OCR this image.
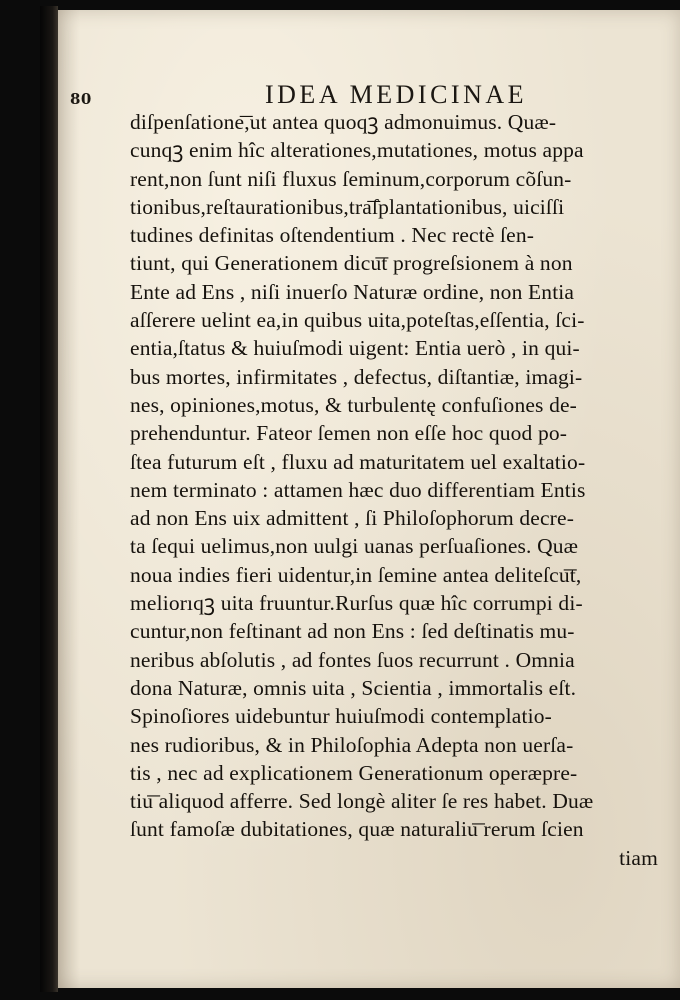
80	IDEA MEDICINAE
diſpenſatione͞,ut antea quoqꝫ admonuimus. Quæ-
cunqꝫ enim hîc alterationes,mutationes, motus appa
rent,non ſunt niſi fluxus ſeminum,corporum cõſun-
tionibus,reſtaurationibus,tra͞ſplantationibus, uiciſſi
tudines definitas oſtendentium . Nec rectè ſen-
tiunt, qui Generationem dicu͞t progreſsionem à non
Ente ad Ens , niſi inuerſo Naturæ ordine, non Entia
aſſerere uelint ea,in quibus uita,poteſtas,eſſentia, ſci-
entia,ſtatus & huiuſmodi uigent: Entia uerò , in qui-
bus mortes, infirmitates , defectus, diſtantiæ, imagi-
nes, opiniones,motus, & turbulentę confuſiones de-
prehenduntur. Fateor ſemen non eſſe hoc quod po-
ſtea futurum eſt , fluxu ad maturitatem uel exaltatio-
nem terminato : attamen hæc duo differentiam Entis
ad non Ens uix admittent , ſi Philoſophorum decre-
ta ſequi uelimus,non uulgi uanas perſuaſiones. Quæ
noua indies fieri uidentur,in ſemine antea deliteſcu͞t,
meliorıqꝫ uita fruuntur.Rurſus quæ hîc corrumpi di-
cuntur,non feſtinant ad non Ens : ſed deſtinatis mu-
neribus abſolutis , ad fontes ſuos recurrunt . Omnia
dona Naturæ, omnis uita , Scientia , immortalis eſt.
Spinoſiores uidebuntur huiuſmodi contemplatio-
nes rudioribus, & in Philoſophia Adepta non uerſa-
tis , nec ad explicationem Generationum operæpre-
tiu͞ aliquod afferre. Sed longè aliter ſe res habet. Duæ
ſunt famoſæ dubitationes, quæ naturaliu͞ rerum ſcien
tiam
